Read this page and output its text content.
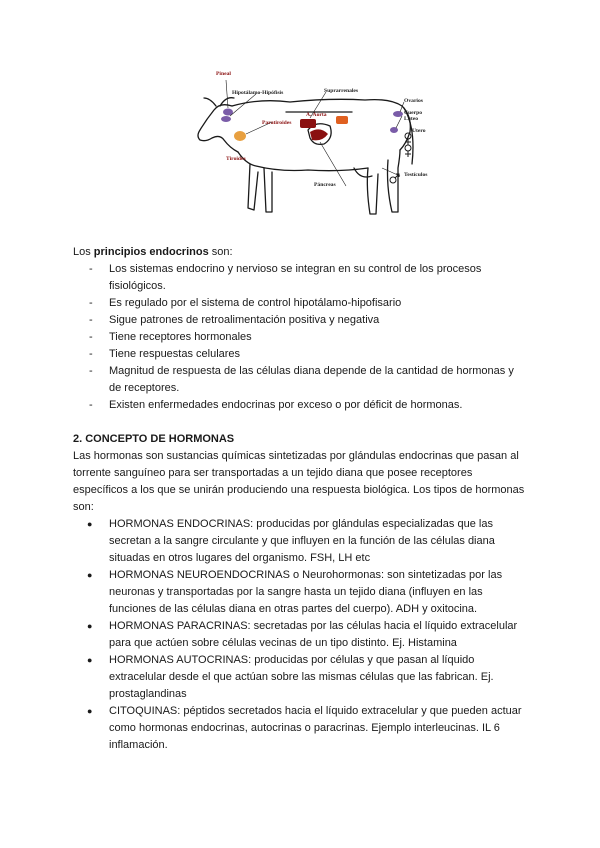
Pineal
Hipotálamo-Hipófisis
Paratiroides
Tiroides
Suprarrenales
A. Aorta
Ovarios
Cuerpo Luteo
Utero
Páncreas
Testículos

Los principios endocrinos son:

- Los sistemas endocrino y nervioso se integran en su control de los procesos fisiológicos.
- Es regulado por el sistema de control hipotálamo-hipofisario
- Sigue patrones de retroalimentación positiva y negativa
- Tiene receptores hormonales
- Tiene respuestas celulares
- Magnitud de respuesta de las células diana depende de la cantidad de hormonas y de receptores.
- Existen enfermedades endocrinas por exceso o por déficit de hormonas.
2. CONCEPTO DE HORMONAS

Las hormonas son sustancias químicas sintetizadas por glándulas endocrinas que pasan al torrente sanguíneo para ser transportadas a un tejido diana que posee receptores específicos a los que se unirán produciendo una respuesta biológica. Los tipos de hormonas son:

● HORMONAS ENDOCRINAS: producidas por glándulas especializadas que las secretan a la sangre circulante y que influyen en la función de las células diana situadas en otros lugares del organismo. FSH, LH etc
● HORMONAS NEUROENDOCRINAS o Neurohormonas: son sintetizadas por las neuronas y transportadas por la sangre hasta un tejido diana (influyen en las funciones de las células diana en otras partes del cuerpo). ADH y oxitocina.
● HORMONAS PARACRINAS: secretadas por las células hacia el líquido extracelular para que actúen sobre células vecinas de un tipo distinto. Ej. Histamina
● HORMONAS AUTOCRINAS: producidas por células y que pasan al líquido extracelular desde el que actúan sobre las mismas células que las fabrican. Ej. prostaglandinas
● CITOQUINAS: péptidos secretados hacia el líquido extracelular y que pueden actuar como hormonas endocrinas, autocrinas o paracrinas. Ejemplo interleucinas. IL 6 inflamación.
